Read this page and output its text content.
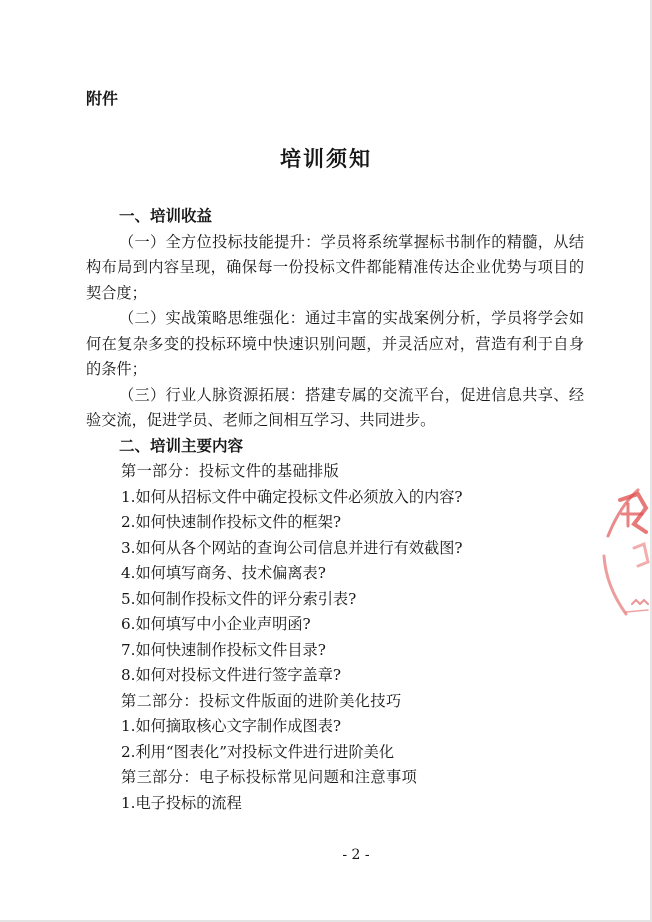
附件
培训须知

一、培训收益

（一）全方位投标技能提升：学员将系统掌握标书制作的精髓，从结构布局到内容呈现，确保每一份投标文件都能精准传达企业优势与项目的契合度；

（二）实战策略思维强化：通过丰富的实战案例分析，学员将学会如何在复杂多变的投标环境中快速识别问题，并灵活应对，营造有利于自身的条件；

（三）行业人脉资源拓展：搭建专属的交流平台，促进信息共享、经验交流，促进学员、老师之间相互学习、共同进步。

二、培训主要内容

第一部分：投标文件的基础排版

1.如何从招标文件中确定投标文件必须放入的内容?

2.如何快速制作投标文件的框架?

3.如何从各个网站的查询公司信息并进行有效截图?

4.如何填写商务、技术偏离表?

5.如何制作投标文件的评分索引表?

6.如何填写中小企业声明函?

7.如何快速制作投标文件目录?

8.如何对投标文件进行签字盖章?

第二部分：投标文件版面的进阶美化技巧

1.如何摘取核心文字制作成图表?

2.利用“图表化”对投标文件进行进阶美化

第三部分：电子标投标常见问题和注意事项

1.电子投标的流程

- 2 -
